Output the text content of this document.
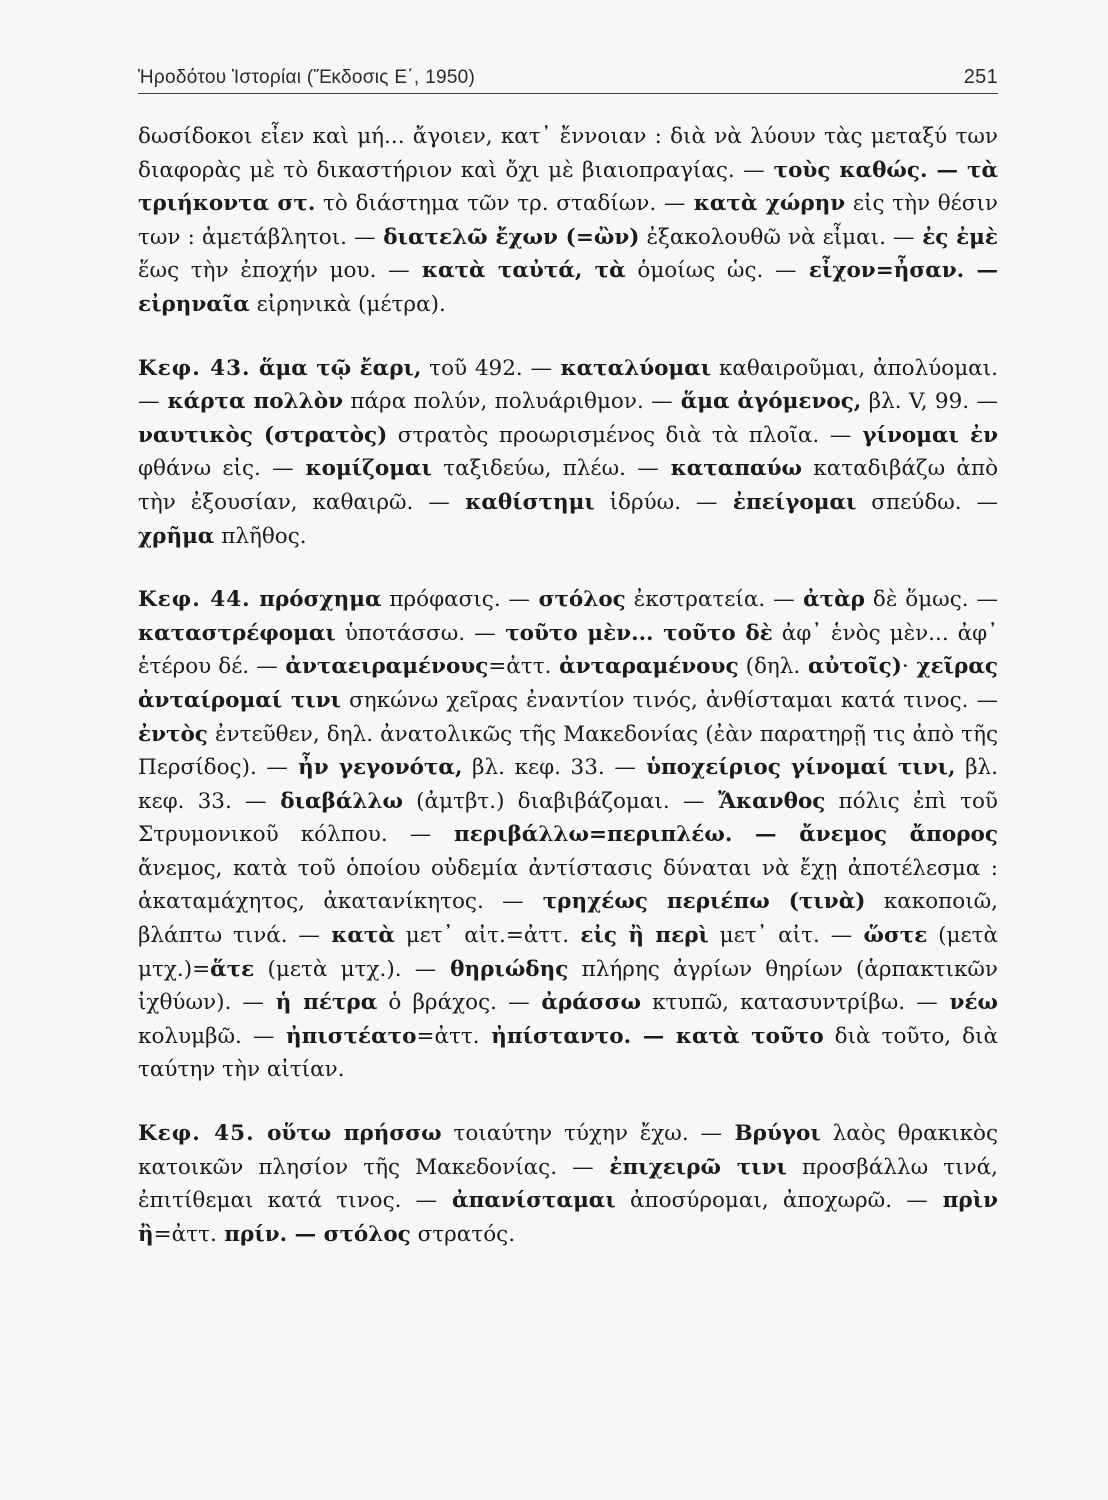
Ἡροδότου Ἱστορίαι (Ἔκδοσις Ε΄, 1950)	251

δωσίδοκοι εἶεν καὶ μή... ἄγοιεν, κατ᾽ ἔννοιαν : διὰ νὰ λύουν τὰς μεταξύ των διαφορὰς μὲ τὸ δικαστήριον καὶ ὄχι μὲ βιαιοπραγίας. — τοὺς καθώς. — τὰ τριήκοντα στ. τὸ διάστημα τῶν τρ. σταδίων. — κατὰ χώρην εἰς τὴν θέσιν των : ἀμετάβλητοι. — διατελῶ ἔχων (=ὢν) ἐξακολουθῶ νὰ εἶμαι. — ἐς ἐμὲ ἕως τὴν ἐποχήν μου. — κατὰ ταὐτά, τὰ ὁμοίως ὡς. — εἶχον=ἦσαν. — εἰρηναῖα εἰρηνικὰ (μέτρα).

Κεφ. 43. ἅμα τῷ ἔαρι, τοῦ 492. — καταλύομαι καθαιροῦμαι, ἀπολύομαι. — κάρτα πολλὸν πάρα πολύν, πολυάριθμον. — ἅμα ἀγόμενος, βλ. V, 99. — ναυτικὸς (στρατὸς) στρατὸς προωρισμένος διὰ τὰ πλοῖα. — γίνομαι ἐν φθάνω εἰς. — κομίζομαι ταξιδεύω, πλέω. — καταπαύω καταδιβάζω ἀπὸ τὴν ἐξουσίαν, καθαιρῶ. — καθίστημι ἱδρύω. — ἐπείγομαι σπεύδω. — χρῆμα πλῆθος.

Κεφ. 44. πρόσχημα πρόφασις. — στόλος ἐκστρατεία. — ἀτὰρ δὲ ὅμως. — καταστρέφομαι ὑποτάσσω. — τοῦτο μὲν... τοῦτο δὲ ἀφ᾽ ἑνὸς μὲν... ἀφ᾽ ἑτέρου δέ. — ἀνταειραμένους=ἀττ. ἀνταραμένους (δηλ. αὐτοῖς)· χεῖρας ἀνταίρομαί τινι σηκώνω χεῖρας ἐναντίον τινός, ἀνθίσταμαι κατά τινος. — ἐντὸς ἐντεῦθεν, δηλ. ἀνατολικῶς τῆς Μακεδονίας (ἐὰν παρατηρῇ τις ἀπὸ τῆς Περσίδος). — ἦν γεγονότα, βλ. κεφ. 33. — ὑποχείριος γίνομαί τινι, βλ. κεφ. 33. — διαβάλλω (ἀμτβτ.) διαβιβάζομαι. — Ἄκανθος πόλις ἐπὶ τοῦ Στρυμονικοῦ κόλπου. — περιβάλλω=περιπλέω. — ἄνεμος ἄπορος ἄνεμος, κατὰ τοῦ ὁποίου οὐδεμία ἀντίστασις δύναται νὰ ἔχῃ ἀποτέλεσμα : ἀκαταμάχητος, ἀκατανίκητος. — τρηχέως περιέπω (τινὰ) κακοποιῶ, βλάπτω τινά. — κατὰ μετ᾽ αἰτ.=ἀττ. εἰς ἢ περὶ μετ᾽ αἰτ. — ὥστε (μετὰ μτχ.)=ἅτε (μετὰ μτχ.). — θηριώδης πλήρης ἀγρίων θηρίων (ἁρπακτικῶν ἰχθύων). — ἡ πέτρα ὁ βράχος. — ἀράσσω κτυπῶ, κατασυντρίβω. — νέω κολυμβῶ. — ἠπιστέατο=ἀττ. ἠπίσταντο. — κατὰ τοῦτο διὰ τοῦτο, διὰ ταύτην τὴν αἰτίαν.

Κεφ. 45. οὕτω πρήσσω τοιαύτην τύχην ἔχω. — Βρύγοι λαὸς θρακικὸς κατοικῶν πλησίον τῆς Μακεδονίας. — ἐπιχειρῶ τινι προσβάλλω τινά, ἐπιτίθεμαι κατά τινος. — ἀπανίσταμαι ἀποσύρομαι, ἀποχωρῶ. — πρὶν ἢ=ἀττ. πρίν. — στόλος στρατός.
